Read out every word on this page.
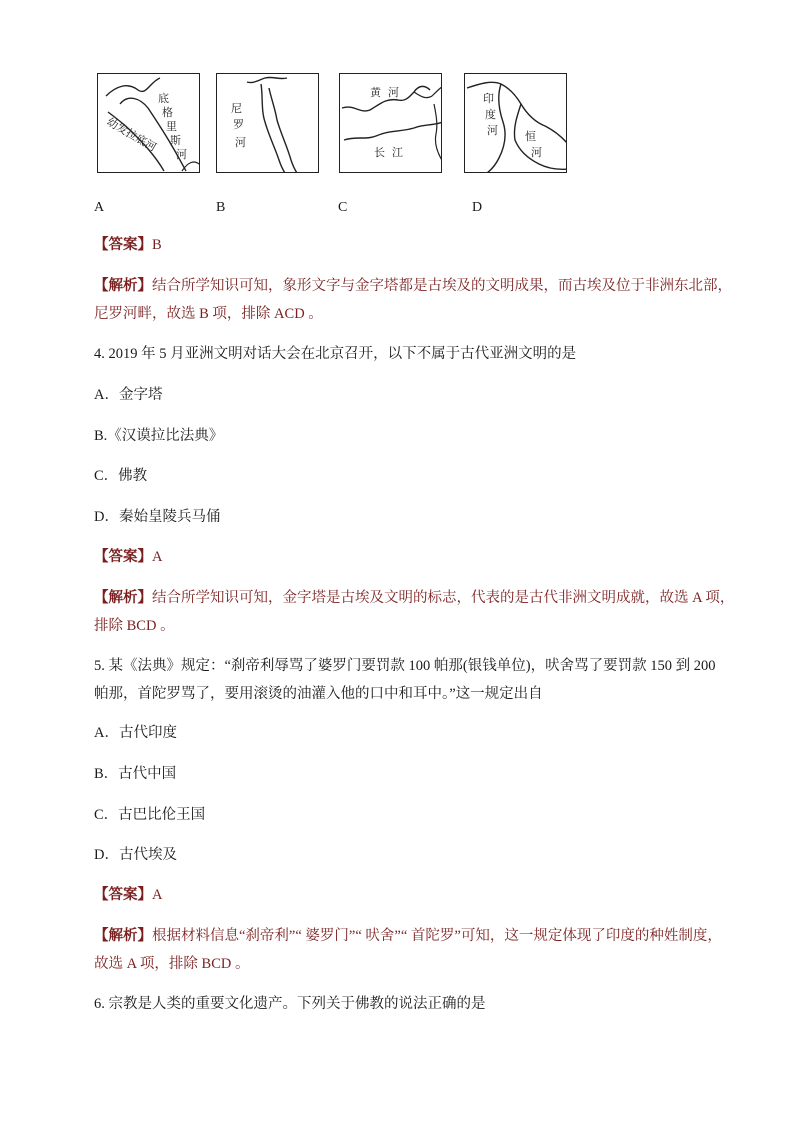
底
格
里
斯
河
幼发拉底河
尼
罗
河
黄 河
长 江
印
度
河 恒
河
A	B	C	D
【答案】B
【解析】结合所学知识可知，象形文字与金字塔都是古埃及的文明成果，而古埃及位于非洲东北部，
尼罗河畔，故选 B 项，排除 ACD 。
4. 2019 年 5 月亚洲文明对话大会在北京召开，以下不属于古代亚洲文明的是
A．金字塔
B.《汉谟拉比法典》
C．佛教
D．秦始皇陵兵马俑
【答案】A
【解析】结合所学知识可知，金字塔是古埃及文明的标志，代表的是古代非洲文明成就，故选 A 项，
排除 BCD 。
5. 某《法典》规定：“刹帝利辱骂了婆罗门要罚款 100 帕那(银钱单位)，吠舍骂了要罚款 150 到 200
帕那，首陀罗骂了，要用滚烫的油灌入他的口中和耳中。”这一规定出自
A．古代印度
B．古代中国
C．古巴比伦王国
D．古代埃及
【答案】A
【解析】根据材料信息“刹帝利”“ 婆罗门”“ 吠舍”“ 首陀罗”可知，这一规定体现了印度的种姓制度，
故选 A 项，排除 BCD 。
6. 宗教是人类的重要文化遗产。下列关于佛教的说法正确的是
